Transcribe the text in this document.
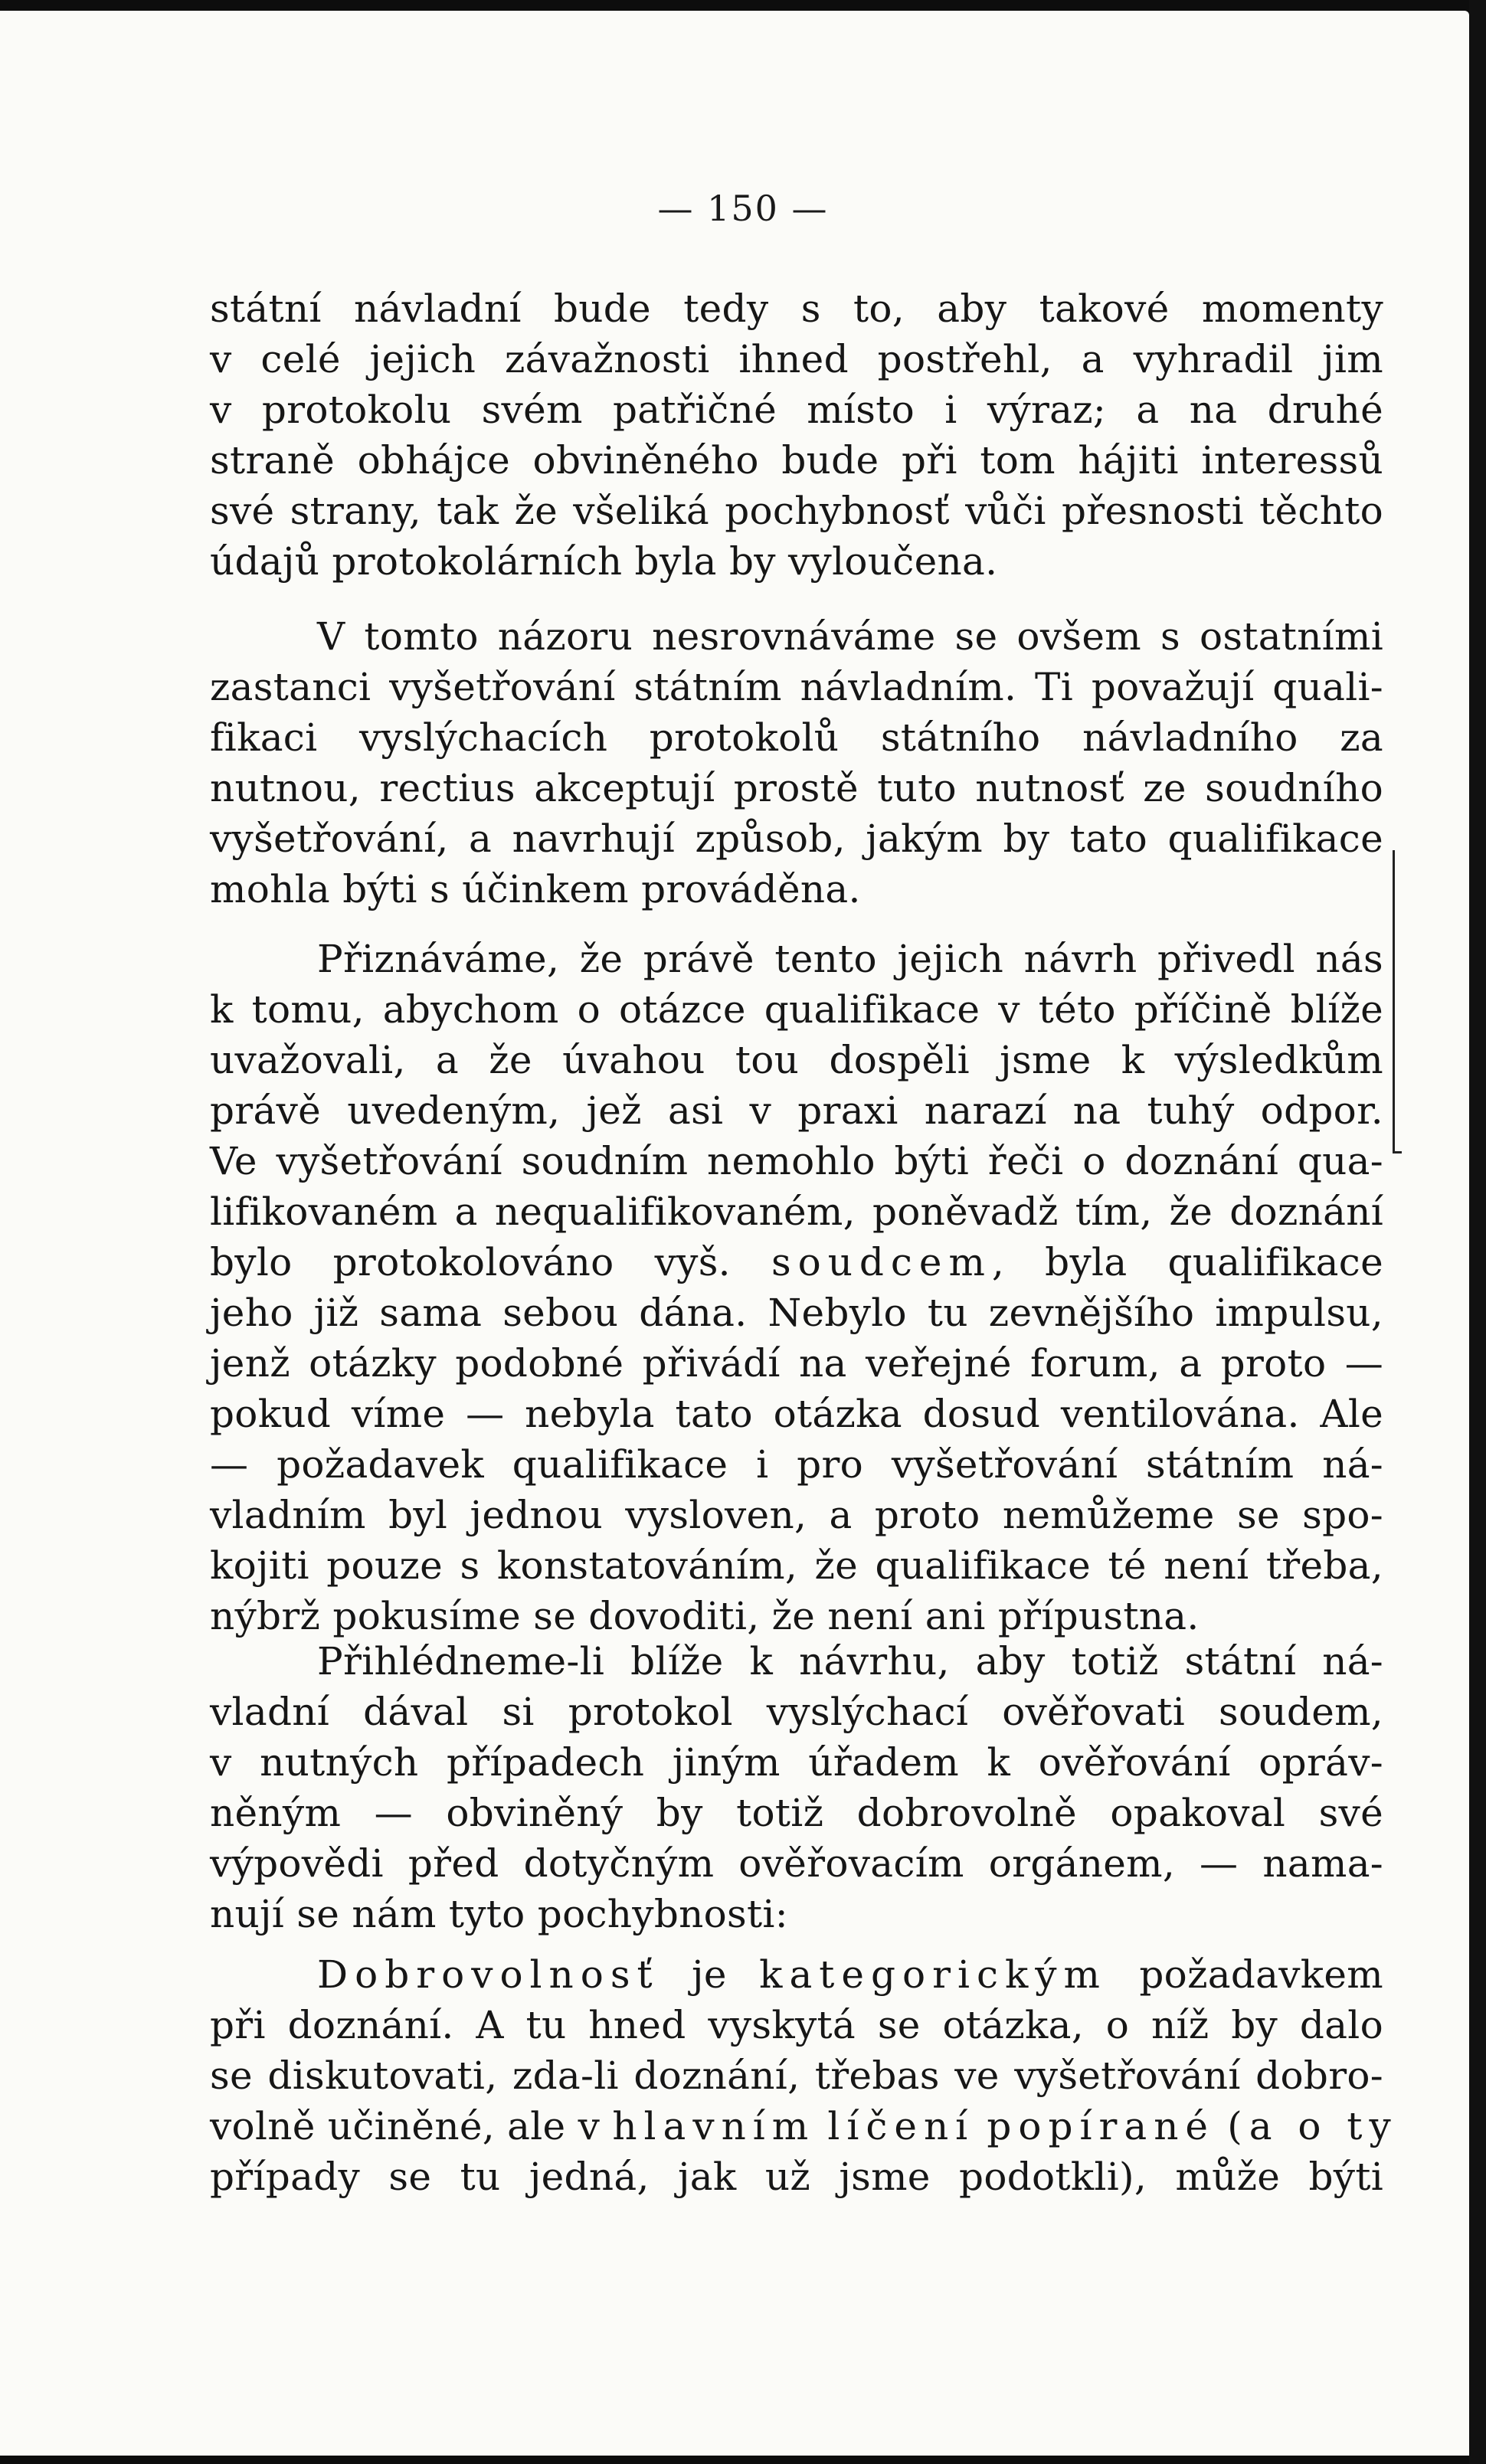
— 150 —
státní návladní bude tedy s to, aby takové momenty
v celé jejich závažnosti ihned postřehl, a vyhradil jim
v protokolu svém patřičné místo i výraz; a na druhé
straně obhájce obviněného bude při tom hájiti interessů
své strany, tak že všeliká pochybnosť vůči přesnosti těchto
údajů protokolárních byla by vyloučena.
V tomto názoru nesrovnáváme se ovšem s ostatními
zastanci vyšetřování státním návladním. Ti považují quali-
fikaci vyslýchacích protokolů státního návladního za
nutnou, rectius akceptují prostě tuto nutnosť ze soudního
vyšetřování, a navrhují způsob, jakým by tato qualifikace
mohla býti s účinkem prováděna.
Přiznáváme, že právě tento jejich návrh přivedl nás
k tomu, abychom o otázce qualifikace v této příčině blíže
uvažovali, a že úvahou tou dospěli jsme k výsledkům
právě uvedeným, jež asi v praxi narazí na tuhý odpor.
Ve vyšetřování soudním nemohlo býti řeči o doznání qua-
lifikovaném a nequalifikovaném, poněvadž tím, že doznání
bylo protokolováno vyš. soudcem, byla qualifikace
jeho již sama sebou dána. Nebylo tu zevnějšího impulsu,
jenž otázky podobné přivádí na veřejné forum, a proto —
pokud víme — nebyla tato otázka dosud ventilována. Ale
— požadavek qualifikace i pro vyšetřování státním ná-
vladním byl jednou vysloven, a proto nemůžeme se spo-
kojiti pouze s konstatováním, že qualifikace té není třeba,
nýbrž pokusíme se dovoditi, že není ani přípustna.
Přihlédneme-li blíže k návrhu, aby totiž státní ná-
vladní dával si protokol vyslýchací ověřovati soudem,
v nutných případech jiným úřadem k ověřování opráv-
něným — obviněný by totiž dobrovolně opakoval své
výpovědi před dotyčným ověřovacím orgánem, — nama-
nují se nám tyto pochybnosti:
Dobrovolnosť je kategorickým požadavkem
při doznání. A tu hned vyskytá se otázka, o níž by dalo
se diskutovati, zda-li doznání, třebas ve vyšetřování dobro-
volně učiněné, ale v hlavním líčení popírané (a o ty
případy se tu jedná, jak už jsme podotkli), může býti
